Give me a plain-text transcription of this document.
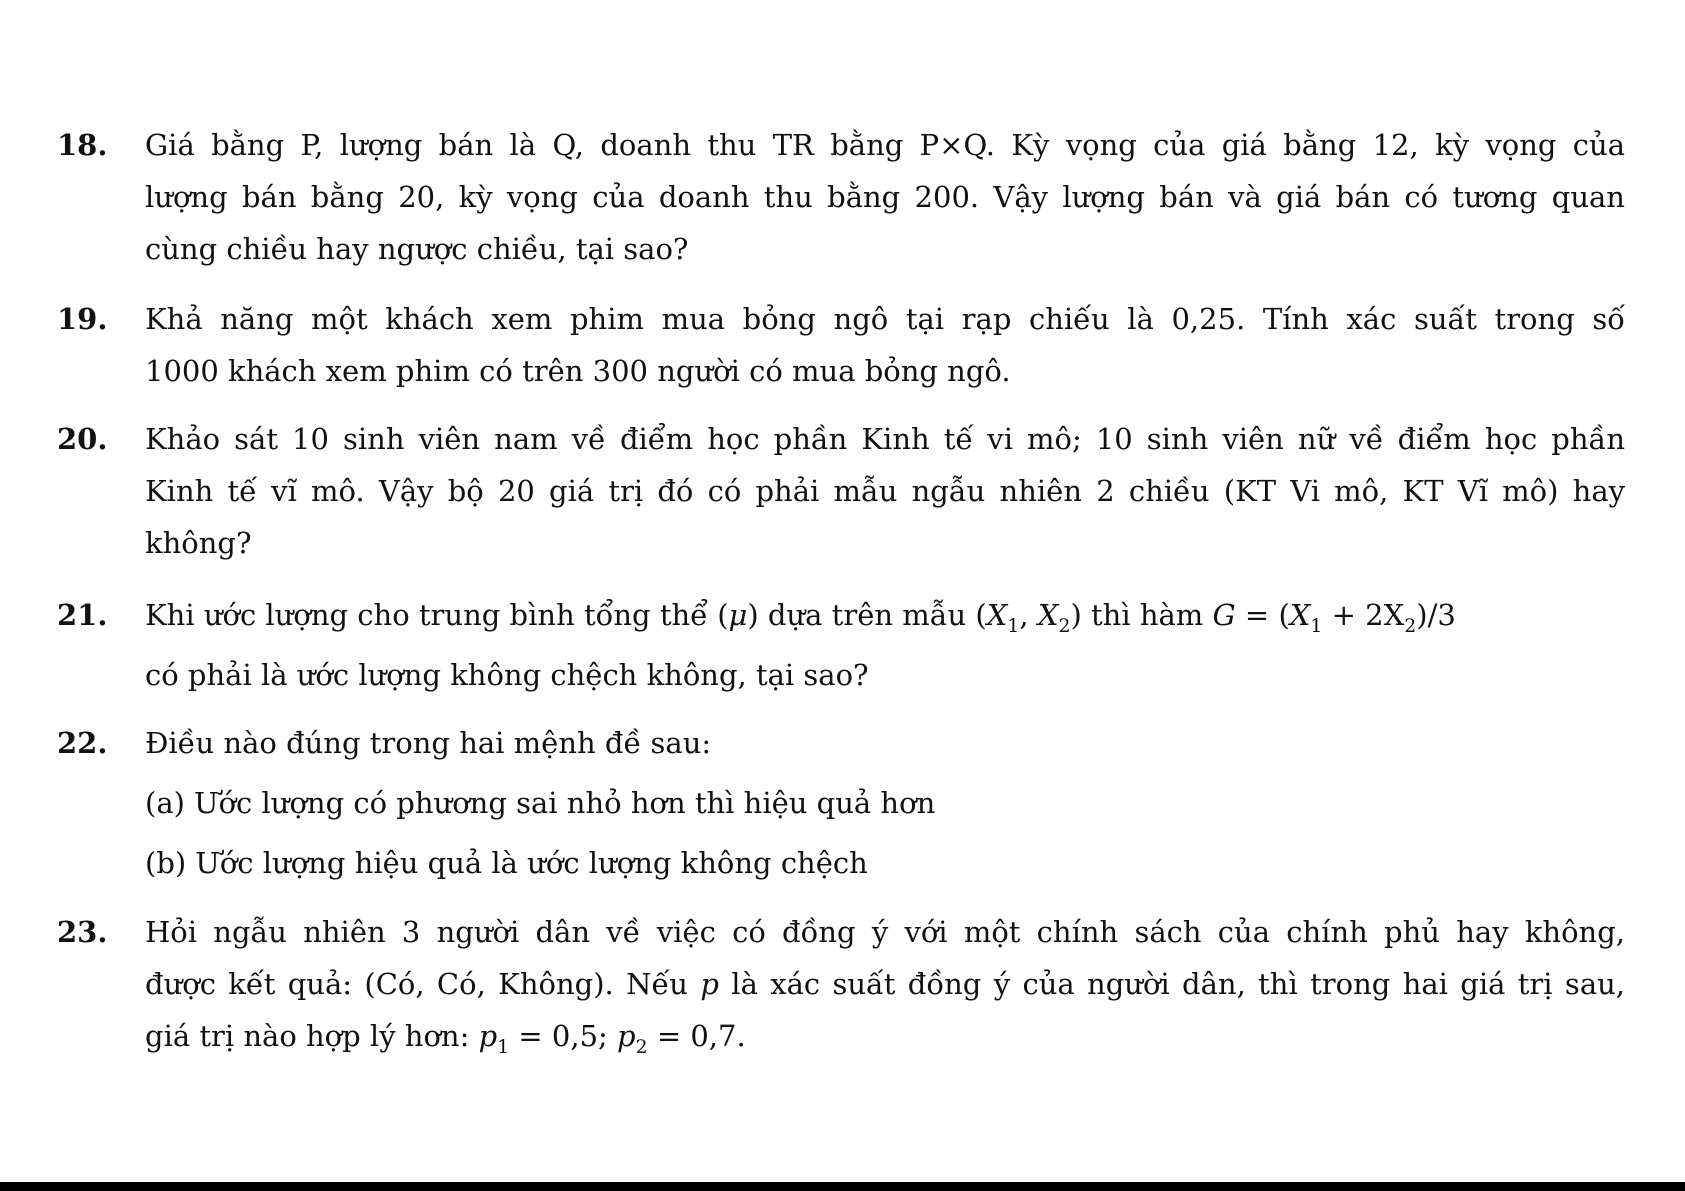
18. Giá bằng P, lượng bán là Q, doanh thu TR bằng P×Q. Kỳ vọng của giá bằng 12, kỳ vọng của
lượng bán bằng 20, kỳ vọng của doanh thu bằng 200. Vậy lượng bán và giá bán có tương quan
cùng chiều hay ngược chiều, tại sao?
19. Khả năng một khách xem phim mua bỏng ngô tại rạp chiếu là 0,25. Tính xác suất trong số
1000 khách xem phim có trên 300 người có mua bỏng ngô.
20. Khảo sát 10 sinh viên nam về điểm học phần Kinh tế vi mô; 10 sinh viên nữ về điểm học phần
Kinh tế vĩ mô. Vậy bộ 20 giá trị đó có phải mẫu ngẫu nhiên 2 chiều (KT Vi mô, KT Vĩ mô) hay
không?
21. Khi ước lượng cho trung bình tổng thể (μ) dựa trên mẫu ($X_1$, $X_2$) thì hàm $G = (X_1 + 2X_2)/3$
có phải là ước lượng không chệch không, tại sao?
22. Điều nào đúng trong hai mệnh đề sau:
(a) Ước lượng có phương sai nhỏ hơn thì hiệu quả hơn
(b) Ước lượng hiệu quả là ước lượng không chệch
23. Hỏi ngẫu nhiên 3 người dân về việc có đồng ý với một chính sách của chính phủ hay không,
được kết quả: (Có, Có, Không). Nếu p là xác suất đồng ý của người dân, thì trong hai giá trị sau,
giá trị nào hợp lý hơn: $p_1 = 0,5$; $p_2 = 0,7$.
